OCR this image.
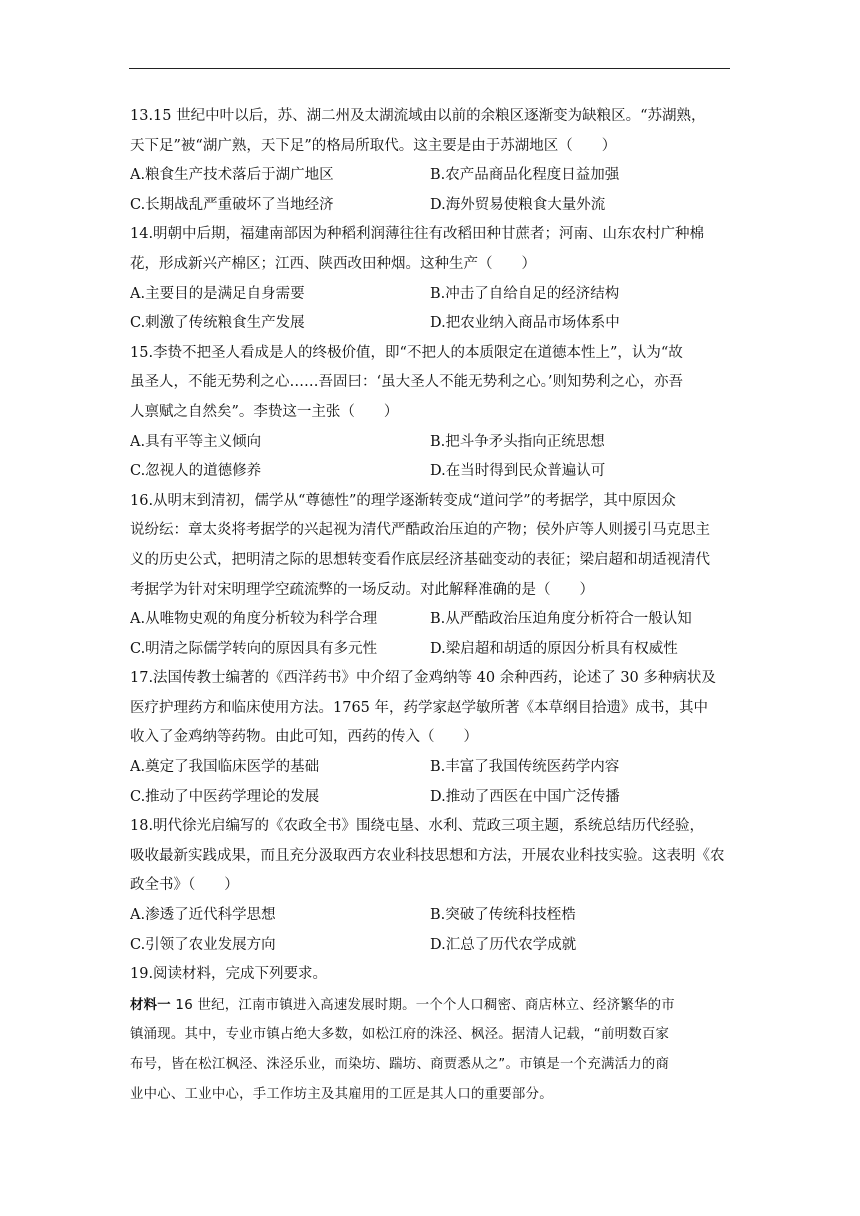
13.15 世纪中叶以后，苏、湖二州及太湖流域由以前的余粮区逐渐变为缺粮区。“苏湖熟，
天下足”被“湖广熟，天下足”的格局所取代。这主要是由于苏湖地区（　　）
A.粮食生产技术落后于湖广地区	B.农产品商品化程度日益加强
C.长期战乱严重破坏了当地经济	D.海外贸易使粮食大量外流
14.明朝中后期，福建南部因为种稻利润薄往往有改稻田种甘蔗者；河南、山东农村广种棉
花，形成新兴产棉区；江西、陕西改田种烟。这种生产（　　）
A.主要目的是满足自身需要	B.冲击了自给自足的经济结构
C.刺激了传统粮食生产发展	D.把农业纳入商品市场体系中
15.李贽不把圣人看成是人的终极价值，即“不把人的本质限定在道德本性上”，认为“故
虽圣人，不能无势利之心……吾固曰：‘虽大圣人不能无势利之心。’则知势利之心，亦吾
人禀赋之自然矣”。李贽这一主张（　　）
A.具有平等主义倾向	B.把斗争矛头指向正统思想
C.忽视人的道德修养	D.在当时得到民众普遍认可
16.从明末到清初，儒学从“尊德性”的理学逐渐转变成“道问学”的考据学，其中原因众
说纷纭：章太炎将考据学的兴起视为清代严酷政治压迫的产物；侯外庐等人则援引马克思主
义的历史公式，把明清之际的思想转变看作底层经济基础变动的表征；梁启超和胡适视清代
考据学为针对宋明理学空疏流弊的一场反动。对此解释准确的是（　　）
A.从唯物史观的角度分析较为科学合理	B.从严酷政治压迫角度分析符合一般认知
C.明清之际儒学转向的原因具有多元性	D.梁启超和胡适的原因分析具有权威性
17.法国传教士编著的《西洋药书》中介绍了金鸡纳等 40 余种西药，论述了 30 多种病状及
医疗护理药方和临床使用方法。1765 年，药学家赵学敏所著《本草纲目拾遗》成书，其中
收入了金鸡纳等药物。由此可知，西药的传入（　　）
A.奠定了我国临床医学的基础	B.丰富了我国传统医药学内容
C.推动了中医药学理论的发展	D.推动了西医在中国广泛传播
18.明代徐光启编写的《农政全书》围绕屯垦、水利、荒政三项主题，系统总结历代经验，
吸收最新实践成果，而且充分汲取西方农业科技思想和方法，开展农业科技实验。这表明《农
政全书》（　　）
A.渗透了近代科学思想	B.突破了传统科技桎梏
C.引领了农业发展方向	D.汇总了历代农学成就
19.阅读材料，完成下列要求。
材料一 16 世纪，江南市镇进入高速发展时期。一个个人口稠密、商店林立、经济繁华的市
镇涌现。其中，专业市镇占绝大多数，如松江府的洙泾、枫泾。据清人记载，“前明数百家
布号，皆在松江枫泾、洙泾乐业，而染坊、踹坊、商贾悉从之”。市镇是一个充满活力的商
业中心、工业中心，手工作坊主及其雇用的工匠是其人口的重要部分。
